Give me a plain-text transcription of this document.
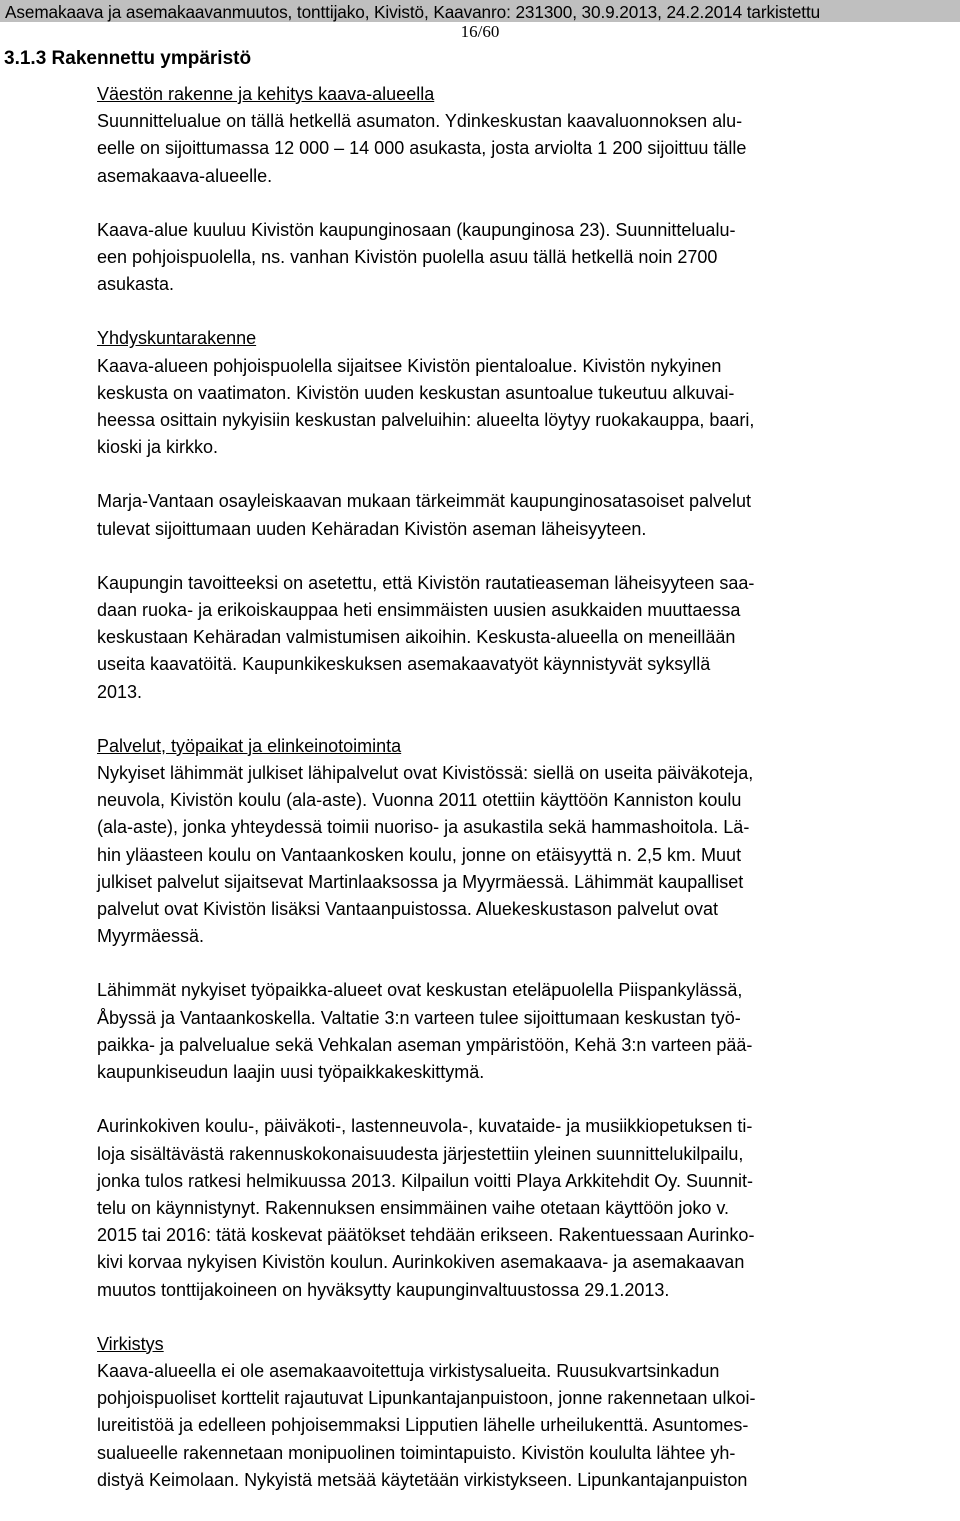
Asemakaava ja asemakaavanmuutos, tonttijako, Kivistö, Kaavanro: 231300, 30.9.2013, 24.2.2014 tarkistettu
16/60
3.1.3 Rakennettu ympäristö
Väestön rakenne ja kehitys kaava-alueella

Suunnittelualue on tällä hetkellä asumaton. Ydinkeskustan kaavaluonnoksen alu-
eelle on sijoittumassa 12 000 – 14 000 asukasta, josta arviolta 1 200 sijoittuu tälle
asemakaava-alueelle.

Kaava-alue kuuluu Kivistön kaupunginosaan (kaupunginosa 23). Suunnittelualu-
een pohjoispuolella, ns. vanhan Kivistön puolella asuu tällä hetkellä noin 2700
asukasta.

Yhdyskuntarakenne

Kaava-alueen pohjoispuolella sijaitsee Kivistön pientaloalue. Kivistön nykyinen
keskusta on vaatimaton. Kivistön uuden keskustan asuntoalue tukeutuu alkuvai-
heessa osittain nykyisiin keskustan palveluihin: alueelta löytyy ruokakauppa, baari,
kioski ja kirkko.

Marja-Vantaan osayleiskaavan mukaan tärkeimmät kaupunginosatasoiset palvelut
tulevat sijoittumaan uuden Kehäradan Kivistön aseman läheisyyteen.

Kaupungin tavoitteeksi on asetettu, että Kivistön rautatieaseman läheisyyteen saa-
daan ruoka- ja erikoiskauppaa heti ensimmäisten uusien asukkaiden muuttaessa
keskustaan Kehäradan valmistumisen aikoihin. Keskusta-alueella on meneillään
useita kaavatöitä. Kaupunkikeskuksen asemakaavatyöt käynnistyvät syksyllä
2013.

Palvelut, työpaikat ja elinkeinotoiminta

Nykyiset lähimmät julkiset lähipalvelut ovat Kivistössä: siellä on useita päiväkoteja,
neuvola, Kivistön koulu (ala-aste). Vuonna 2011 otettiin käyttöön Kanniston koulu
(ala-aste), jonka yhteydessä toimii nuoriso- ja asukastila sekä hammashoitola. Lä-
hin yläasteen koulu on Vantaankosken koulu, jonne on etäisyyttä n. 2,5 km. Muut
julkiset palvelut sijaitsevat Martinlaaksossa ja Myyrmäessä. Lähimmät kaupalliset
palvelut ovat Kivistön lisäksi Vantaanpuistossa. Aluekeskustason palvelut ovat
Myyrmäessä.

Lähimmät nykyiset työpaikka-alueet ovat keskustan eteläpuolella Piispankylässä,
Åbyssä ja Vantaankoskella. Valtatie 3:n varteen tulee sijoittumaan keskustan työ-
paikka- ja palvelualue sekä Vehkalan aseman ympäristöön, Kehä 3:n varteen pää-
kaupunkiseudun laajin uusi työpaikkakeskittymä.

Aurinkokiven koulu-, päiväkoti-, lastenneuvola-, kuvataide- ja musiikkiopetuksen ti-
loja sisältävästä rakennuskokonaisuudesta järjestettiin yleinen suunnittelukilpailu,
jonka tulos ratkesi helmikuussa 2013. Kilpailun voitti Playa Arkkitehdit Oy. Suunnit-
telu on käynnistynyt. Rakennuksen ensimmäinen vaihe otetaan käyttöön joko v.
2015 tai 2016: tätä koskevat päätökset tehdään erikseen. Rakentuessaan Aurinko-
kivi korvaa nykyisen Kivistön koulun. Aurinkokiven asemakaava- ja asemakaavan
muutos tonttijakoineen on hyväksytty kaupunginvaltuustossa 29.1.2013.

Virkistys

Kaava-alueella ei ole asemakaavoitettuja virkistysalueita. Ruusukvartsinkadun
pohjoispuoliset korttelit rajautuvat Lipunkantajanpuistoon, jonne rakennetaan ulkoi-
lureitistöä ja edelleen pohjoisemmaksi Lipputien lähelle urheilukenttä. Asuntomes-
sualueelle rakennetaan monipuolinen toimintapuisto. Kivistön koululta lähtee yh-
distyä Keimolaan. Nykyistä metsää käytetään virkistykseen. Lipunkantajanpuiston
